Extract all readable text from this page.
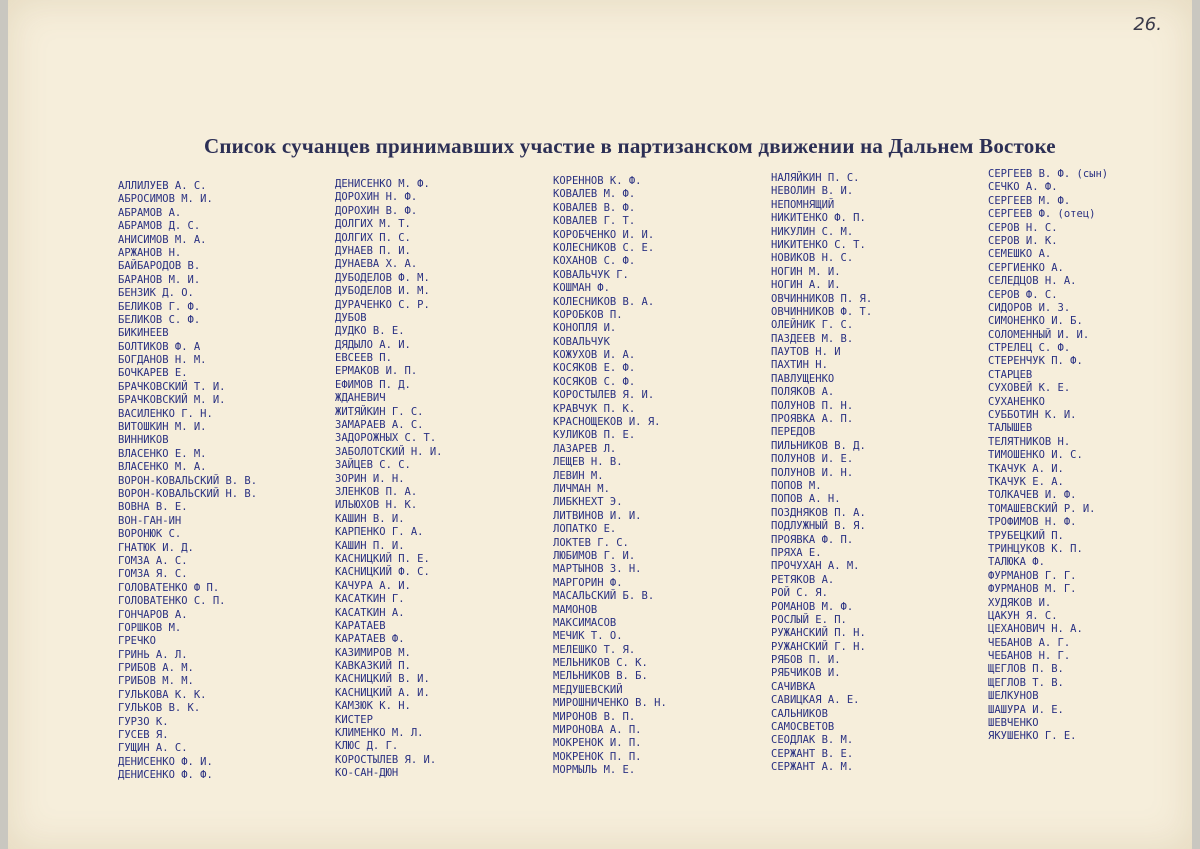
26.
Список сучанцев принимавших участие в партизанском движении на Дальнем Востоке
АЛЛИЛУЕВ А. С.
АБРОСИМОВ М. И.
АБРАМОВ А.
АБРАМОВ Д. С.
АНИСИМОВ М. А.
АРЖАНОВ Н.
БАЙБАРОДОВ В.
БАРАНОВ М. И.
БЕНЗИК Д. О.
БЕЛИКОВ Г. Ф.
БЕЛИКОВ С. Ф.
БИКИНЕЕВ
БОЛТИКОВ Ф. А
БОГДАНОВ Н. М.
БОЧКАРЕВ Е.
БРАЧКОВСКИЙ Т. И.
БРАЧКОВСКИЙ М. И.
ВАСИЛЕНКО Г. Н.
ВИТОШКИН М. И.
ВИННИКОВ
ВЛАСЕНКО Е. М.
ВЛАСЕНКО М. А.
ВОРОН-КОВАЛЬСКИЙ В. В.
ВОРОН-КОВАЛЬСКИЙ Н. В.
ВОВНА В. Е.
ВОН-ГАН-ИН
ВОРОНЮК С.
ГНАТЮК И. Д.
ГОМЗА А. С.
ГОМЗА Я. С.
ГОЛОВАТЕНКО Ф П.
ГОЛОВАТЕНКО С. П.
ГОНЧАРОВ А.
ГОРШКОВ М.
ГРЕЧКО
ГРИНЬ А. Л.
ГРИБОВ А. М.
ГРИБОВ М. М.
ГУЛЬКОВА К. К.
ГУЛЬКОВ В. К.
ГУРЗО К.
ГУСЕВ Я.
ГУЩИН А. С.
ДЕНИСЕНКО Ф. И.
ДЕНИСЕНКО Ф. Ф.
ДЕНИСЕНКО М. Ф.
ДОРОХИН Н. Ф.
ДОРОХИН В. Ф.
ДОЛГИХ М. Т.
ДОЛГИХ П. С.
ДУНАЕВ П. И.
ДУНАЕВА Х. А.
ДУБОДЕЛОВ Ф. М.
ДУБОДЕЛОВ И. М.
ДУРАЧЕНКО С. Р.
ДУБОВ
ДУДКО В. Е.
ДЯДЫЛО А. И.
ЕВСЕЕВ П.
ЕРМАКОВ И. П.
ЕФИМОВ П. Д.
ЖДАНЕВИЧ
ЖИТЯЙКИН Г. С.
ЗАМАРАЕВ А. С.
ЗАДОРОЖНЫХ С. Т.
ЗАБОЛОТСКИЙ Н. И.
ЗАЙЦЕВ С. С.
ЗОРИН И. Н.
ЗЛЕНКОВ П. А.
ИЛЬЮХОВ Н. К.
КАШИН В. И.
КАРПЕНКО Г. А.
КАШИН П. И.
КАСНИЦКИЙ П. Е.
КАСНИЦКИЙ Ф. С.
КАЧУРА А. И.
КАСАТКИН Г.
КАСАТКИН А.
КАРАТАЕВ
КАРАТАЕВ Ф.
КАЗИМИРОВ М.
КАВКАЗКИЙ П.
КАСНИЦКИЙ В. И.
КАСНИЦКИЙ А. И.
КАМЗЮК К. Н.
КИСТЕР
КЛИМЕНКО М. Л.
КЛЮС Д. Г.
КОРОСТЫЛЕВ Я. И.
КО-САН-ДЮН
КОРЕННОВ К. Ф.
КОВАЛЕВ М. Ф.
КОВАЛЕВ В. Ф.
КОВАЛЕВ Г. Т.
КОРОБЧЕНКО И. И.
КОЛЕСНИКОВ С. Е.
КОХАНОВ С. Ф.
КОВАЛЬЧУК Г.
КОШМАН Ф.
КОЛЕСНИКОВ В. А.
КОРОБКОВ П.
КОНОПЛЯ И.
КОВАЛЬЧУК
КОЖУХОВ И. А.
КОСЯКОВ Е. Ф.
КОСЯКОВ С. Ф.
КОРОСТЫЛЕВ Я. И.
КРАВЧУК П. К.
КРАСНОЩЕКОВ И. Я.
КУЛИКОВ П. Е.
ЛАЗАРЕВ Л.
ЛЕЩЕВ Н. В.
ЛЕВИН М.
ЛИЧМАН М.
ЛИБКНЕХТ Э.
ЛИТВИНОВ И. И.
ЛОПАТКО Е.
ЛОКТЕВ Г. С.
ЛЮБИМОВ Г. И.
МАРТЫНОВ З. Н.
МАРГОРИН Ф.
МАСАЛЬСКИЙ Б. В.
МАМОНОВ
МАКСИМАСОВ
МЕЧИК Т. О.
МЕЛЕШКО Т. Я.
МЕЛЬНИКОВ С. К.
МЕЛЬНИКОВ В. Б.
МЕДУШЕВСКИЙ
МИРОШНИЧЕНКО В. Н.
МИРОНОВ В. П.
МИРОНОВА А. П.
МОКРЕНОК И. П.
МОКРЕНОК П. П.
МОРМЫЛЬ М. Е.
НАЛЯЙКИН П. С.
НЕВОЛИН В. И.
НЕПОМНЯЩИЙ
НИКИТЕНКО Ф. П.
НИКУЛИН С. М.
НИКИТЕНКО С. Т.
НОВИКОВ Н. С.
НОГИН М. И.
НОГИН А. И.
ОВЧИННИКОВ П. Я.
ОВЧИННИКОВ Ф. Т.
ОЛЕЙНИК Г. С.
ПАЗДЕЕВ М. В.
ПАУТОВ Н. И
ПАХТИН Н.
ПАВЛУЩЕНКО
ПОЛЯКОВ А.
ПОЛУНОВ П. Н.
ПРОЯВКА А. П.
ПЕРЕДОВ
ПИЛЬНИКОВ В. Д.
ПОЛУНОВ И. Е.
ПОЛУНОВ И. Н.
ПОПОВ М.
ПОПОВ А. Н.
ПОЗДНЯКОВ П. А.
ПОДЛУЖНЫЙ В. Я.
ПРОЯВКА Ф. П.
ПРЯХА Е.
ПРОЧУХАН А. М.
РЕТЯКОВ А.
РОЙ С. Я.
РОМАНОВ М. Ф.
РОСЛЫЙ Е. П.
РУЖАНСКИЙ П. Н.
РУЖАНСКИЙ Г. Н.
РЯБОВ П. И.
РЯБЧИКОВ И.
САЧИВКА
САВИЦКАЯ А. Е.
САЛЬНИКОВ
САМОСВЕТОВ
СЕОДЛАК В. М.
СЕРЖАНТ В. Е.
СЕРЖАНТ А. М.
СЕРГЕЕВ В. Ф. (сын)
СЕЧКО А. Ф.
СЕРГЕЕВ М. Ф.
СЕРГЕЕВ Ф. (отец)
СЕРОВ Н. С.
СЕРОВ И. К.
СЕМЕШКО А.
СЕРГИЕНКО А.
СЕЛЕДЦОВ Н. А.
СЕРОВ Ф. С.
СИДОРОВ И. З.
СИМОНЕНКО И. Б.
СОЛОМЕННЫЙ И. И.
СТРЕЛЕЦ С. Ф.
СТЕРЕНЧУК П. Ф.
СТАРЦЕВ
СУХОВЕЙ К. Е.
СУХАНЕНКО
СУББОТИН К. И.
ТАЛЫШЕВ
ТЕЛЯТНИКОВ Н.
ТИМОШЕНКО И. С.
ТКАЧУК А. И.
ТКАЧУК Е. А.
ТОЛКАЧЕВ И. Ф.
ТОМАШЕВСКИЙ Р. И.
ТРОФИМОВ Н. Ф.
ТРУБЕЦКИЙ П.
ТРИНЦУКОВ К. П.
ТАЛЮКА Ф.
ФУРМАНОВ Г. Г.
ФУРМАНОВ М. Г.
ХУДЯКОВ И.
ЦАКУН Я. С.
ЦЕХАНОВИЧ Н. А.
ЧЕБАНОВ А. Г.
ЧЕБАНОВ Н. Г.
ЩЕГЛОВ П. В.
ЩЕГЛОВ Т. В.
ШЕЛКУНОВ
ШАШУРА И. Е.
ШЕВЧЕНКО
ЯКУШЕНКО Г. Е.
